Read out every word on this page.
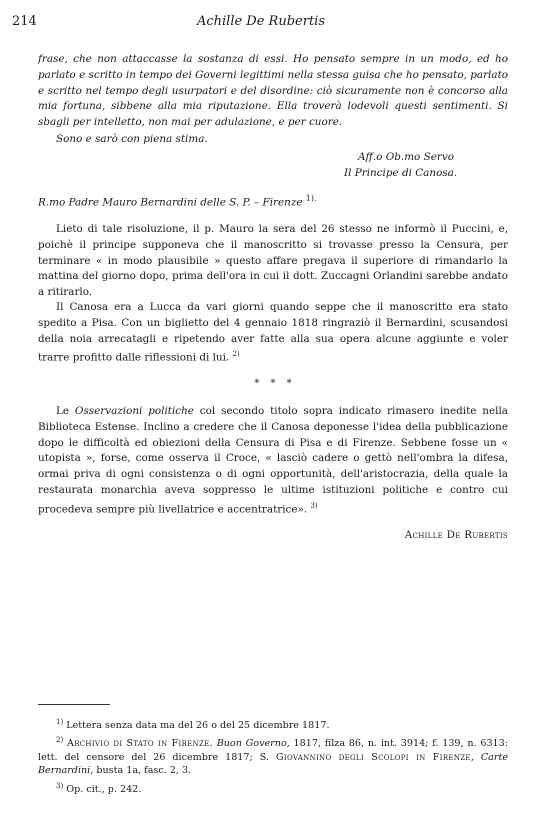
214	Achille De Rubertis
frase, che non attaccasse la sostanza di essi. Ho pensato sempre in un modo, ed ho parlato e scritto in tempo dei Governi legittimi nella stessa guisa che ho pensato, parlato e scritto nel tempo degli usurpatori e del disordine: ciò sicuramente non è concorso alla mia fortuna, sibbene alla mia riputazione. Ella troverà lodevoli questi sentimenti. Si sbagli per intelletto, non mai per adulazione, e per cuore.
Sono e sarò con piena stima.
Aff.o Ob.mo Servo
Il Principe di Canosa.
R.mo Padre Mauro Bernardini delle S. P. – Firenze $^{1).}$
Lieto di tale risoluzione, il p. Mauro la sera del 26 stesso ne informò il Puccini, e, poichè il principe supponeva che il manoscritto si trovasse presso la Censura, per terminare « in modo plausibile » questo affare pregava il superiore di rimandarlo la mattina del giorno dopo, prima dell'ora in cui il dott. Zuccagni Orlandini sarebbe andato a ritirarlo.
Il Canosa era a Lucca da vari giorni quando seppe che il manoscritto era stato spedito a Pisa. Con un biglietto del 4 gennaio 1818 ringraziò il Bernardini, scusandosi della noia arrecatagli e ripetendo aver fatte alla sua opera alcune aggiunte e voler trarre profitto dalle riflessioni di lui. $^{2)}$
* * *
Le Osservazioni politiche col secondo titolo sopra indicato rimasero inedite nella Biblioteca Estense. Inclino a credere che il Canosa deponesse l'idea della pubblicazione dopo le difficoltà ed obiezioni della Censura di Pisa e di Firenze. Sebbene fosse un « utopista », forse, come osserva il Croce, « lasciò cadere o gettò nell'ombra la difesa, ormai priva di ogni consistenza o di ogni opportunità, dell'aristocrazia, della quale la restaurata monarchia aveva soppresso le ultime istituzioni politiche e contro cui procedeva sempre più livellatrice e accentratrice». $^{3)}$
Achille De Rubertis
$^{1)}$ Lettera senza data ma del 26 o del 25 dicembre 1817.
$^{2)}$ Archivio di Stato in Firenze. Buon Governo, 1817, filza 86, n. int. 3914; f. 139, n. 6313: lett. del censore del 26 dicembre 1817; S. Giovannino degli Scolopi in Firenze, Carte Bernardini, busta 1a, fasc. 2, 3.
$^{3)}$ Op. cit., p. 242.
